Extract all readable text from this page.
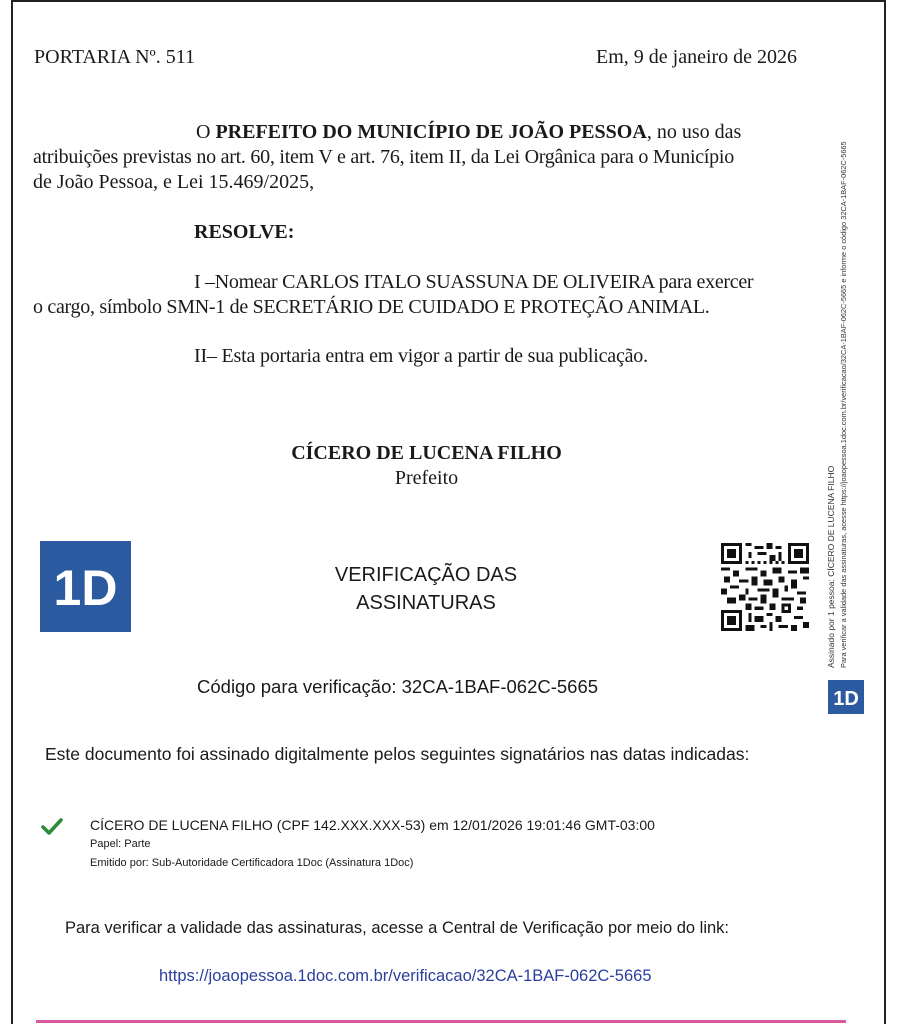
PORTARIA Nº. 511	Em, 9 de janeiro de 2026
O PREFEITO DO MUNICÍPIO DE JOÃO PESSOA, no uso das
atribuições previstas no art. 60, item V e art. 76, item II, da Lei Orgânica para o Município
de João Pessoa, e Lei 15.469/2025,
RESOLVE:
I –Nomear CARLOS ITALO SUASSUNA DE OLIVEIRA para exercer
o cargo, símbolo SMN-1 de SECRETÁRIO DE CUIDADO E PROTEÇÃO ANIMAL.
II– Esta portaria entra em vigor a partir de sua publicação.
CÍCERO DE LUCENA FILHO
Prefeito
1D	VERIFICAÇÃO DAS
ASSINATURAS
Código para verificação: 32CA-1BAF-062C-5665
Este documento foi assinado digitalmente pelos seguintes signatários nas datas indicadas:
CÍCERO DE LUCENA FILHO (CPF 142.XXX.XXX-53) em 12/01/2026 19:01:46 GMT-03:00
Papel: Parte
Emitido por: Sub-Autoridade Certificadora 1Doc (Assinatura 1Doc)
Para verificar a validade das assinaturas, acesse a Central de Verificação por meio do link:
https://joaopessoa.1doc.com.br/verificacao/32CA-1BAF-062C-5665
Assinado por 1 pessoa: CÍCERO DE LUCENA FILHO Para verificar a validade das assinaturas, acesse https://joaopessoa.1doc.com.br/verificacao/32CA-1BAF-062C-5665 e informe o código 32CA-1BAF-062C-5665
1D
